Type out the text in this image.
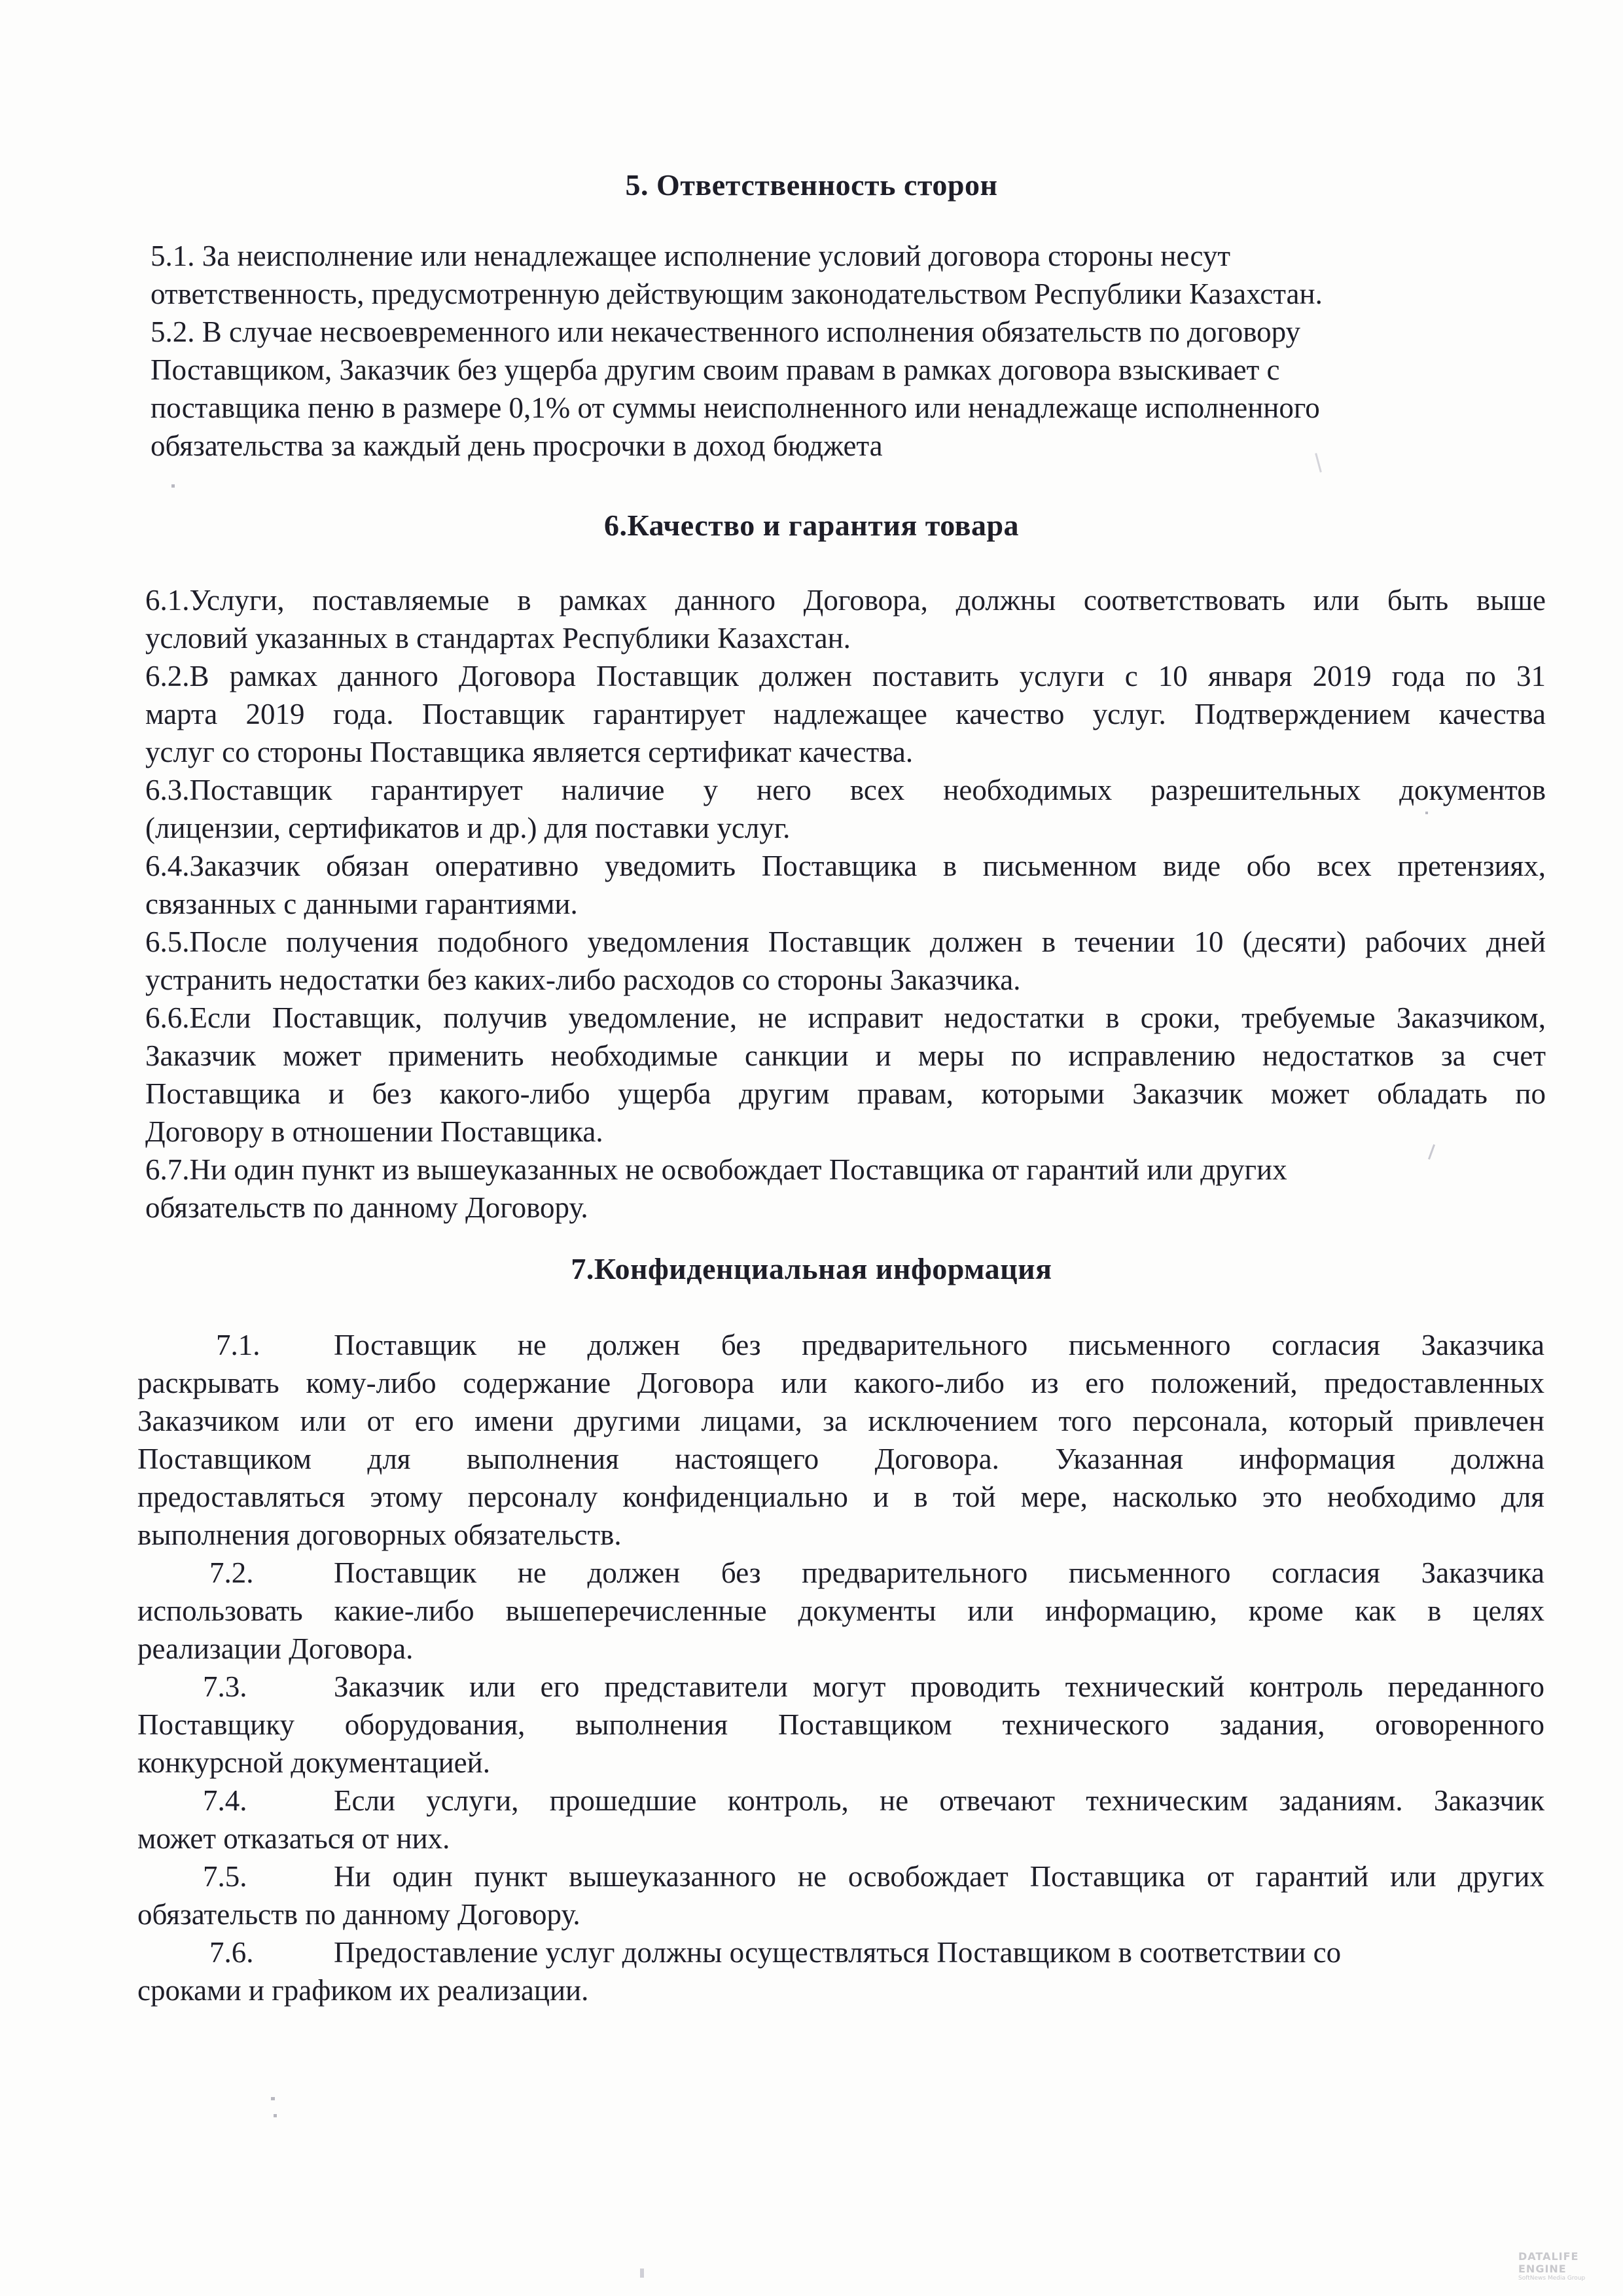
5. Ответственность сторон
5.1. За неисполнение или ненадлежащее исполнение условий договора стороны несут
ответственность, предусмотренную действующим законодательством Республики Казахстан.
5.2. В случае несвоевременного или некачественного исполнения обязательств по договору
Поставщиком, Заказчик без ущерба другим своим правам в рамках договора взыскивает с
поставщика пеню в размере 0,1% от суммы неисполненного или ненадлежаще исполненного
обязательства за каждый день просрочки в доход бюджета
6.Качество и гарантия товара
6.1.Услуги, поставляемые в рамках данного Договора, должны соответствовать или быть выше
условий указанных в стандартах Республики Казахстан.
6.2.В рамках данного Договора Поставщик должен поставить услуги с 10 января 2019 года по 31
марта 2019 года. Поставщик гарантирует надлежащее качество услуг. Подтверждением качества
услуг со стороны Поставщика является сертификат качества.
6.3.Поставщик гарантирует наличие у него всех необходимых разрешительных документов
(лицензии, сертификатов и др.) для поставки услуг.
6.4.Заказчик обязан оперативно уведомить Поставщика в письменном виде обо всех претензиях,
связанных с данными гарантиями.
6.5.После получения подобного уведомления Поставщик должен в течении 10 (десяти) рабочих дней
устранить недостатки без каких-либо расходов со стороны Заказчика.
6.6.Если Поставщик, получив уведомление, не исправит недостатки в сроки, требуемые Заказчиком,
Заказчик может применить необходимые санкции и меры по исправлению недостатков за счет
Поставщика и без какого-либо ущерба другим правам, которыми Заказчик может обладать по
Договору в отношении Поставщика.
6.7.Ни один пункт из вышеуказанных не освобождает Поставщика от гарантий или других
обязательств по данному Договору.
7.Конфиденциальная информация
7.1.	Поставщик не должен без предварительного письменного согласия Заказчика
раскрывать кому-либо содержание Договора или какого-либо из его положений, предоставленных
Заказчиком или от его имени другими лицами, за исключением того персонала, который привлечен
Поставщиком для выполнения настоящего Договора. Указанная информация должна
предоставляться этому персоналу конфиденциально и в той мере, насколько это необходимо для
выполнения договорных обязательств.
7.2.	Поставщик не должен без предварительного письменного согласия Заказчика
использовать какие-либо вышеперечисленные документы или информацию, кроме как в целях
реализации Договора.
7.3.	Заказчик или его представители могут проводить технический контроль переданного
Поставщику оборудования, выполнения Поставщиком технического задания, оговоренного
конкурсной документацией.
7.4.	Если услуги, прошедшие контроль, не отвечают техническим заданиям. Заказчик
может отказаться от них.
7.5.	Ни один пункт вышеуказанного не освобождает Поставщика от гарантий или других
обязательств по данному Договору.
7.6.	Предоставление услуг должны осуществляться Поставщиком в соответствии со
сроками и графиком их реализации.
DATALIFE ENGINE
SoftNews Media Group
